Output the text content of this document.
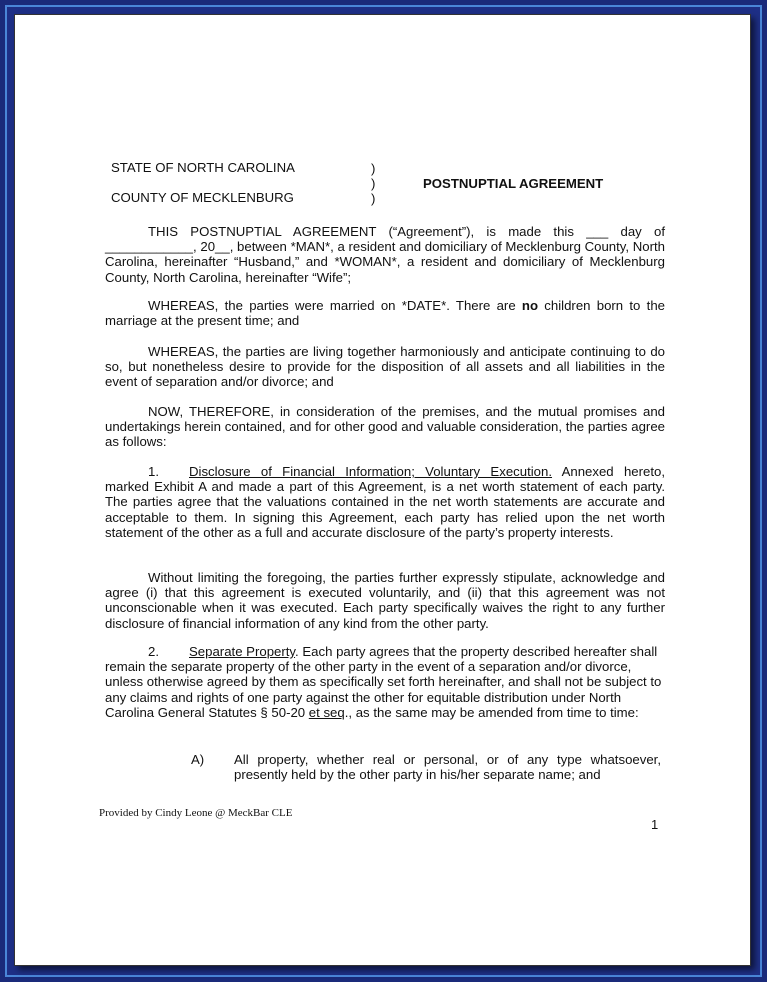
STATE OF NORTH CAROLINA
COUNTY OF MECKLENBURG
)
)
)
POSTNUPTIAL AGREEMENT
THIS POSTNUPTIAL AGREEMENT (“Agreement”), is made this ___ day of ____________, 20__, between *MAN*, a resident and domiciliary of Mecklenburg County, North Carolina, hereinafter “Husband,” and *WOMAN*, a resident and domiciliary of Mecklenburg County, North Carolina, hereinafter “Wife”;
WHEREAS, the parties were married on *DATE*. There are no children born to the marriage at the present time; and
WHEREAS, the parties are living together harmoniously and anticipate continuing to do so, but nonetheless desire to provide for the disposition of all assets and all liabilities in the event of separation and/or divorce; and
NOW, THEREFORE, in consideration of the premises, and the mutual promises and undertakings herein contained, and for other good and valuable consideration, the parties agree as follows:
1. Disclosure of Financial Information; Voluntary Execution. Annexed hereto, marked Exhibit A and made a part of this Agreement, is a net worth statement of each party. The parties agree that the valuations contained in the net worth statements are accurate and acceptable to them. In signing this Agreement, each party has relied upon the net worth statement of the other as a full and accurate disclosure of the party’s property interests.
Without limiting the foregoing, the parties further expressly stipulate, acknowledge and agree (i) that this agreement is executed voluntarily, and (ii) that this agreement was not unconscionable when it was executed. Each party specifically waives the right to any further disclosure of financial information of any kind from the other party.
2. Separate Property. Each party agrees that the property described hereafter shall remain the separate property of the other party in the event of a separation and/or divorce, unless otherwise agreed by them as specifically set forth hereinafter, and shall not be subject to any claims and rights of one party against the other for equitable distribution under North Carolina General Statutes § 50-20 et seq., as the same may be amended from time to time:
A) All property, whether real or personal, or of any type whatsoever, presently held by the other party in his/her separate name; and
Provided by Cindy Leone @ MeckBar CLE
1
